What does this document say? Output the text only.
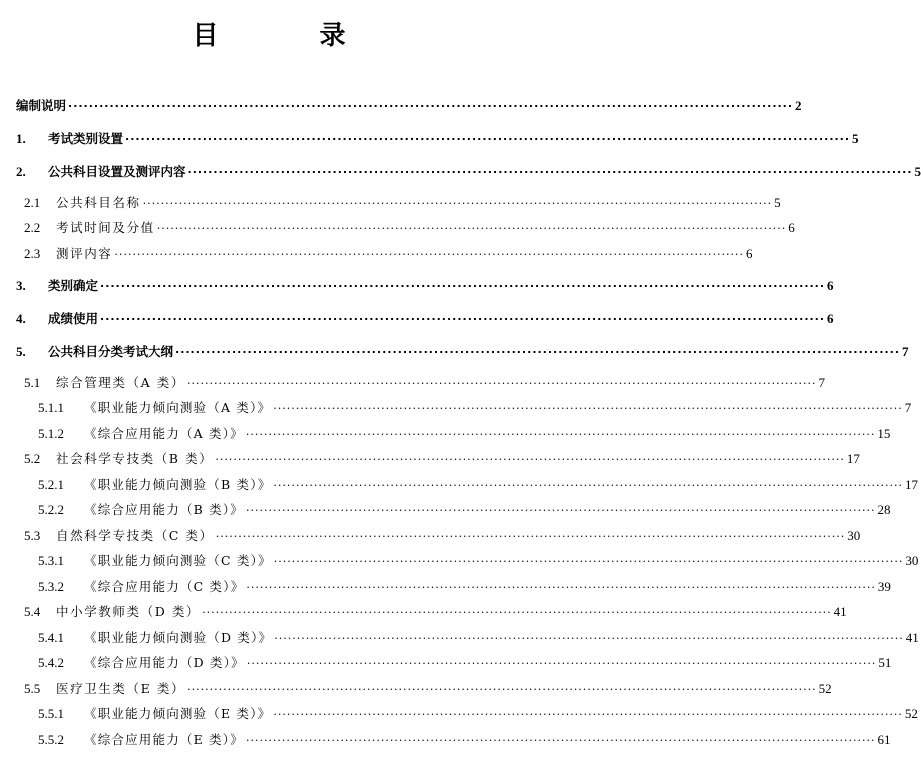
目 录
编制说明 ............................................................................................................................................ 2
1.	考试类别设置 ............................................................................................................................................ 5
2.	公共科目设置及测评内容 ............................................................................................................................................ 5
2.1	公共科目名称 ............................................................................................................................................ 5
2.2	考试时间及分值 ............................................................................................................................................ 6
2.3	测评内容 ............................................................................................................................................ 6
3.	类别确定 ............................................................................................................................................ 6
4.	成绩使用 ............................................................................................................................................ 6
5.	公共科目分类考试大纲 ............................................................................................................................................ 7
5.1	综合管理类（A 类） ............................................................................................................................................ 7
5.1.1	《职业能力倾向测验（A 类）》 ............................................................................................................................................ 7
5.1.2	《综合应用能力（A 类）》 ............................................................................................................................................ 15
5.2	社会科学专技类（B 类） ............................................................................................................................................ 17
5.2.1	《职业能力倾向测验（B 类）》 ............................................................................................................................................ 17
5.2.2	《综合应用能力（B 类）》 ............................................................................................................................................ 28
5.3	自然科学专技类（C 类） ............................................................................................................................................ 30
5.3.1	《职业能力倾向测验（C 类）》 ............................................................................................................................................ 30
5.3.2	《综合应用能力（C 类）》 ............................................................................................................................................ 39
5.4	中小学教师类（D 类） ............................................................................................................................................ 41
5.4.1	《职业能力倾向测验（D 类）》 ............................................................................................................................................ 41
5.4.2	《综合应用能力（D 类）》 ............................................................................................................................................ 51
5.5	医疗卫生类（E 类） ............................................................................................................................................ 52
5.5.1	《职业能力倾向测验（E 类）》 ............................................................................................................................................ 52
5.5.2	《综合应用能力（E 类）》 ............................................................................................................................................ 61
